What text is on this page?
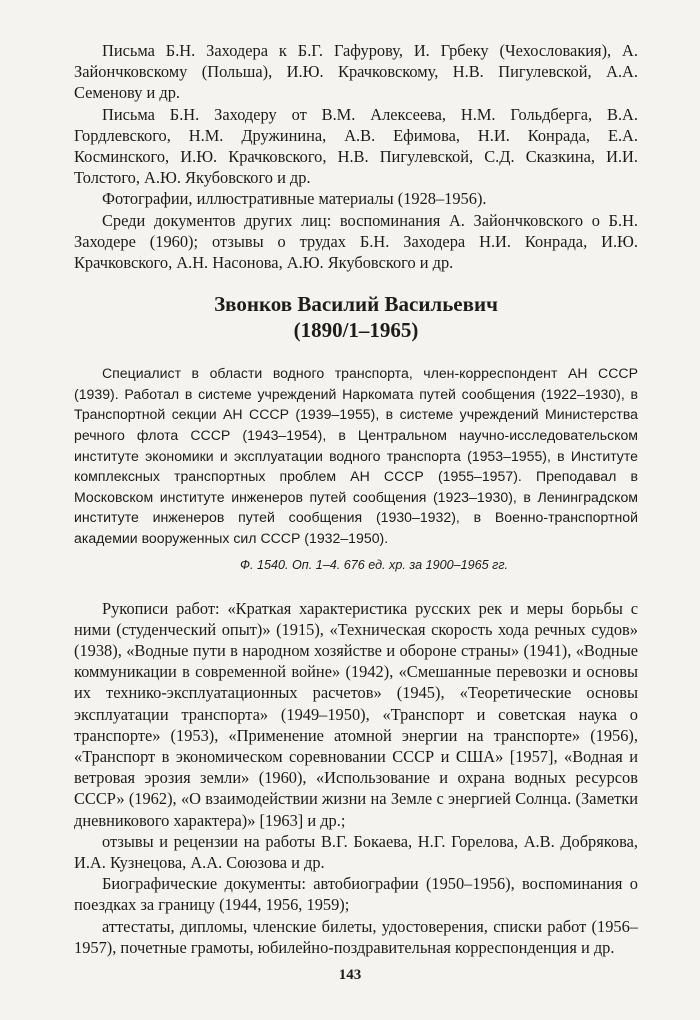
Письма Б.Н. Заходера к Б.Г. Гафурову, И. Грбеку (Чехословакия), А. Зайончковскому (Польша), И.Ю. Крачковскому, Н.В. Пигулевской, А.А. Семенову и др.

Письма Б.Н. Заходеру от В.М. Алексеева, Н.М. Гольдберга, В.А. Гордлевского, Н.М. Дружинина, А.В. Ефимова, Н.И. Конрада, Е.А. Косминского, И.Ю. Крачковского, Н.В. Пигулевской, С.Д. Сказкина, И.И. Толстого, А.Ю. Якубовского и др.

Фотографии, иллюстративные материалы (1928–1956).

Среди документов других лиц: воспоминания А. Зайончковского о Б.Н. Заходере (1960); отзывы о трудах Б.Н. Заходера Н.И. Конрада, И.Ю. Крачковского, А.Н. Насонова, А.Ю. Якубовского и др.

Звонков Василий Васильевич
(1890/1–1965)

Специалист в области водного транспорта, член-корреспондент АН СССР (1939). Работал в системе учреждений Наркомата путей сообщения (1922–1930), в Транспортной секции АН СССР (1939–1955), в системе учреждений Министерства речного флота СССР (1943–1954), в Центральном научно-исследовательском институте экономики и эксплуатации водного транспорта (1953–1955), в Институте комплексных транспортных проблем АН СССР (1955–1957). Преподавал в Московском институте инженеров путей сообщения (1923–1930), в Ленинградском институте инженеров путей сообщения (1930–1932), в Военно-транспортной академии вооруженных сил СССР (1932–1950).

Ф. 1540. Оп. 1–4. 676 ед. хр. за 1900–1965 гг.

Рукописи работ: «Краткая характеристика русских рек и меры борьбы с ними (студенческий опыт)» (1915), «Техническая скорость хода речных судов» (1938), «Водные пути в народном хозяйстве и обороне страны» (1941), «Водные коммуникации в современной войне» (1942), «Смешанные перевозки и основы их технико-эксплуатационных расчетов» (1945), «Теоретические основы эксплуатации транспорта» (1949–1950), «Транспорт и советская наука о транспорте» (1953), «Применение атомной энергии на транспорте» (1956), «Транспорт в экономическом соревновании СССР и США» [1957], «Водная и ветровая эрозия земли» (1960), «Использование и охрана водных ресурсов СССР» (1962), «О взаимодействии жизни на Земле с энергией Солнца. (Заметки дневникового характера)» [1963] и др.;

отзывы и рецензии на работы В.Г. Бокаева, Н.Г. Горелова, А.В. Добрякова, И.А. Кузнецова, А.А. Союзова и др.

Биографические документы: автобиографии (1950–1956), воспоминания о поездках за границу (1944, 1956, 1959);

аттестаты, дипломы, членские билеты, удостоверения, списки работ (1956–1957), почетные грамоты, юбилейно-поздравительная корреспонденция и др.

143
